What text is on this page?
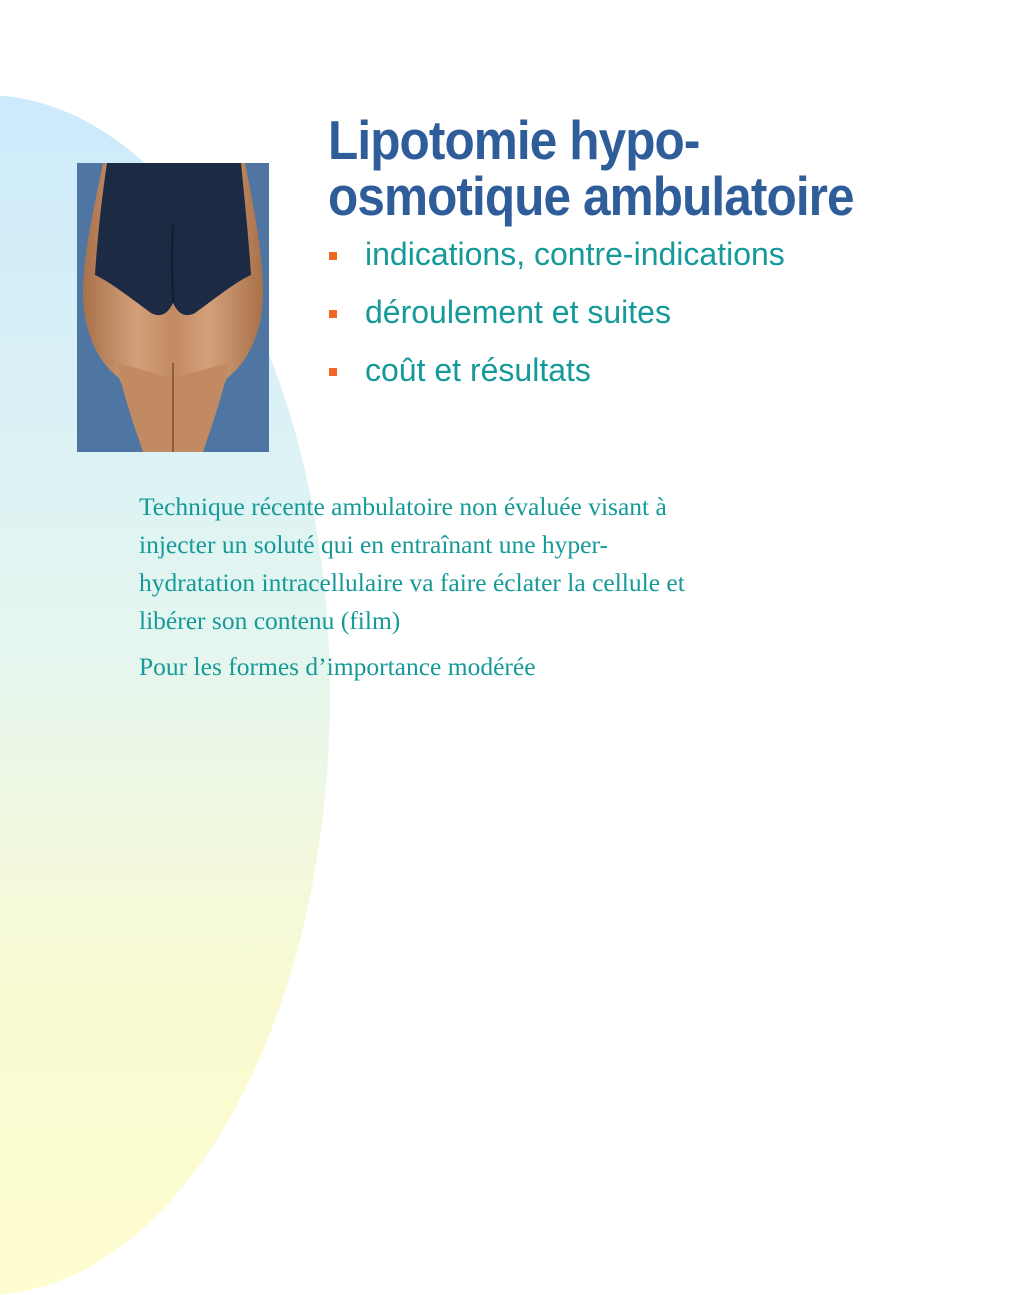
Lipotomie hypo-
osmotique ambulatoire
indications, contre-indications
déroulement et suites
coût et résultats

Technique récente ambulatoire non évaluée visant à
injecter un soluté qui en entraînant une hyper-
hydratation intracellulaire va faire éclater la cellule et
libérer son contenu (film)

Pour les formes d’importance modérée
